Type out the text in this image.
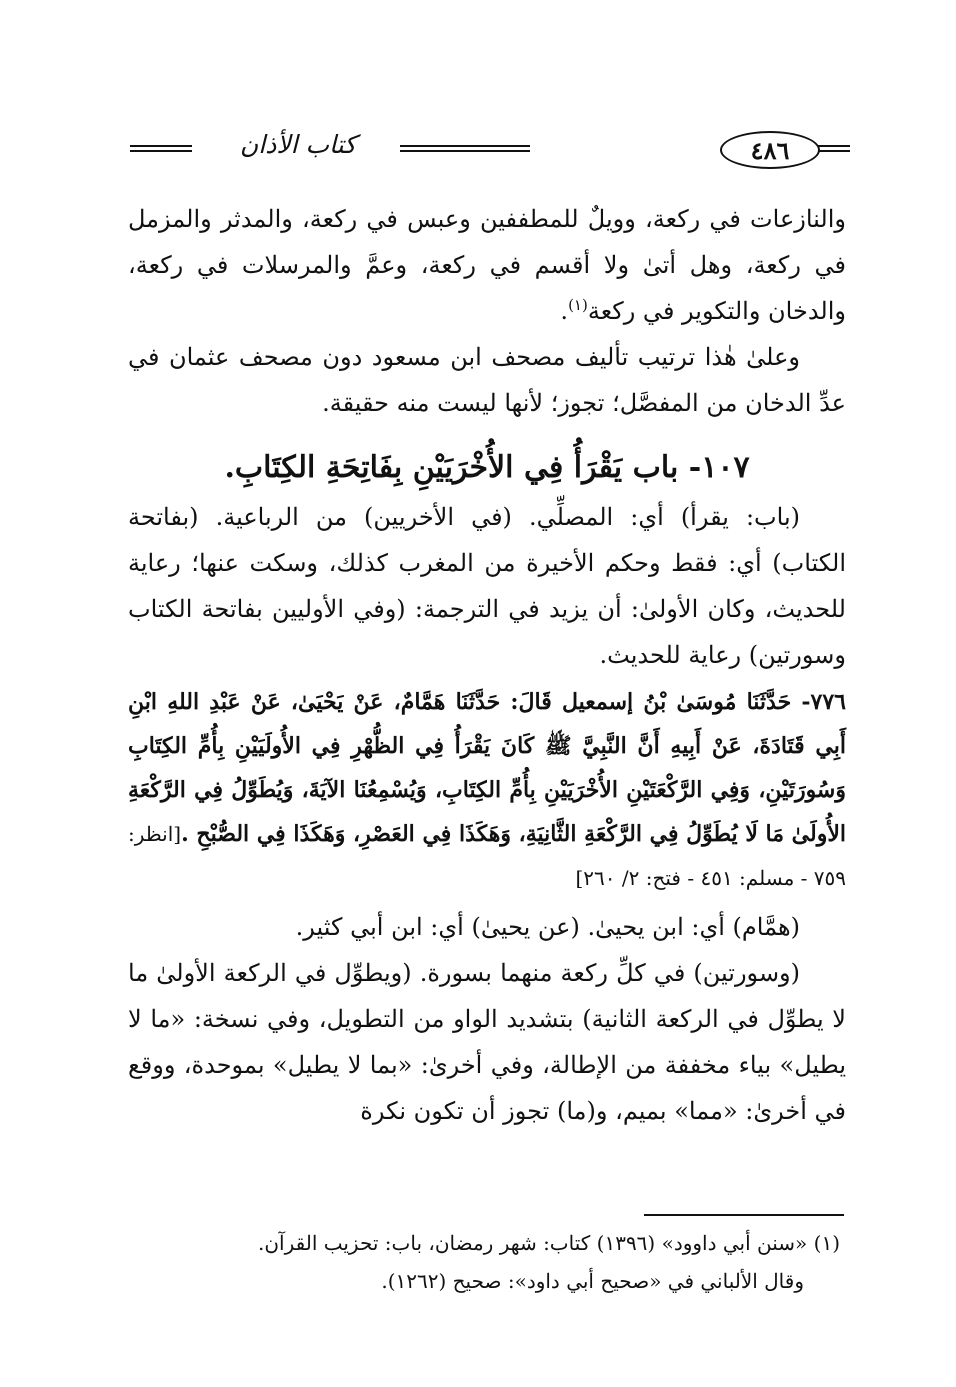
٤٨٦
كتاب الأذان

والنازعات في ركعة، وويلٌ للمطففين وعبس في ركعة، والمدثر والمزمل في ركعة، وهل أتىٰ ولا أقسم في ركعة، وعمَّ والمرسلات في ركعة، والدخان والتكوير في ركعة$^{(١)}$.

وعلىٰ هٰذا ترتيب تأليف مصحف ابن مسعود دون مصحف عثمان في عدِّ الدخان من المفصَّل؛ تجوز؛ لأنها ليست منه حقيقة.

١٠٧- باب يَقْرَأُ فِي الأُخْرَيَيْنِ بِفَاتِحَةِ الكِتَابِ.

(باب: يقرأ) أي: المصلِّي. (في الأخريين) من الرباعية. (بفاتحة الكتاب) أي: فقط وحكم الأخيرة من المغرب كذلك، وسكت عنها؛ رعاية للحديث، وكان الأولىٰ: أن يزيد في الترجمة: (وفي الأوليين بفاتحة الكتاب وسورتين) رعاية للحديث.

٧٧٦- حَدَّثَنَا مُوسَىٰ بْنُ إسمعيل قَالَ: حَدَّثَنَا هَمَّامٌ، عَنْ يَحْيَىٰ، عَنْ عَبْدِ اللهِ ابْنِ أَبِي قَتَادَةَ، عَنْ أَبِيهِ أَنَّ النَّبِيَّ ﷺ كَانَ يَقْرَأُ فِي الظُّهْرِ فِي الأُولَيَيْنِ بِأُمِّ الكِتَابِ وَسُورَتَيْنِ، وَفِي الرَّكْعَتَيْنِ الأُخْرَيَيْنِ بِأُمِّ الكِتَابِ، وَيُسْمِعُنَا الآيَةَ، وَيُطَوِّلُ فِي الرَّكْعَةِ الأُولَىٰ مَا لَا يُطَوِّلُ فِي الرَّكْعَةِ الثَّانِيَةِ، وَهَكَذَا فِي العَصْرِ، وَهَكَذَا فِي الصُّبْحِ .[انظر: ٧٥٩ - مسلم: ٤٥١ - فتح: ٢/ ٢٦٠]

(همَّام) أي: ابن يحيىٰ. (عن يحيىٰ) أي: ابن أبي كثير.

(وسورتين) في كلِّ ركعة منهما بسورة. (ويطوِّل في الركعة الأولىٰ ما لا يطوِّل في الركعة الثانية) بتشديد الواو من التطويل، وفي نسخة: «ما لا يطيل» بياء مخففة من الإطالة، وفي أخرىٰ: «بما لا يطيل» بموحدة، ووقع في أخرىٰ: «مما» بميم، و(ما) تجوز أن تكون نكرة

(١) «سنن أبي داوود» (١٣٩٦) كتاب: شهر رمضان، باب: تحزيب القرآن.

وقال الألباني في «صحيح أبي داود»: صحيح (١٢٦٢).
